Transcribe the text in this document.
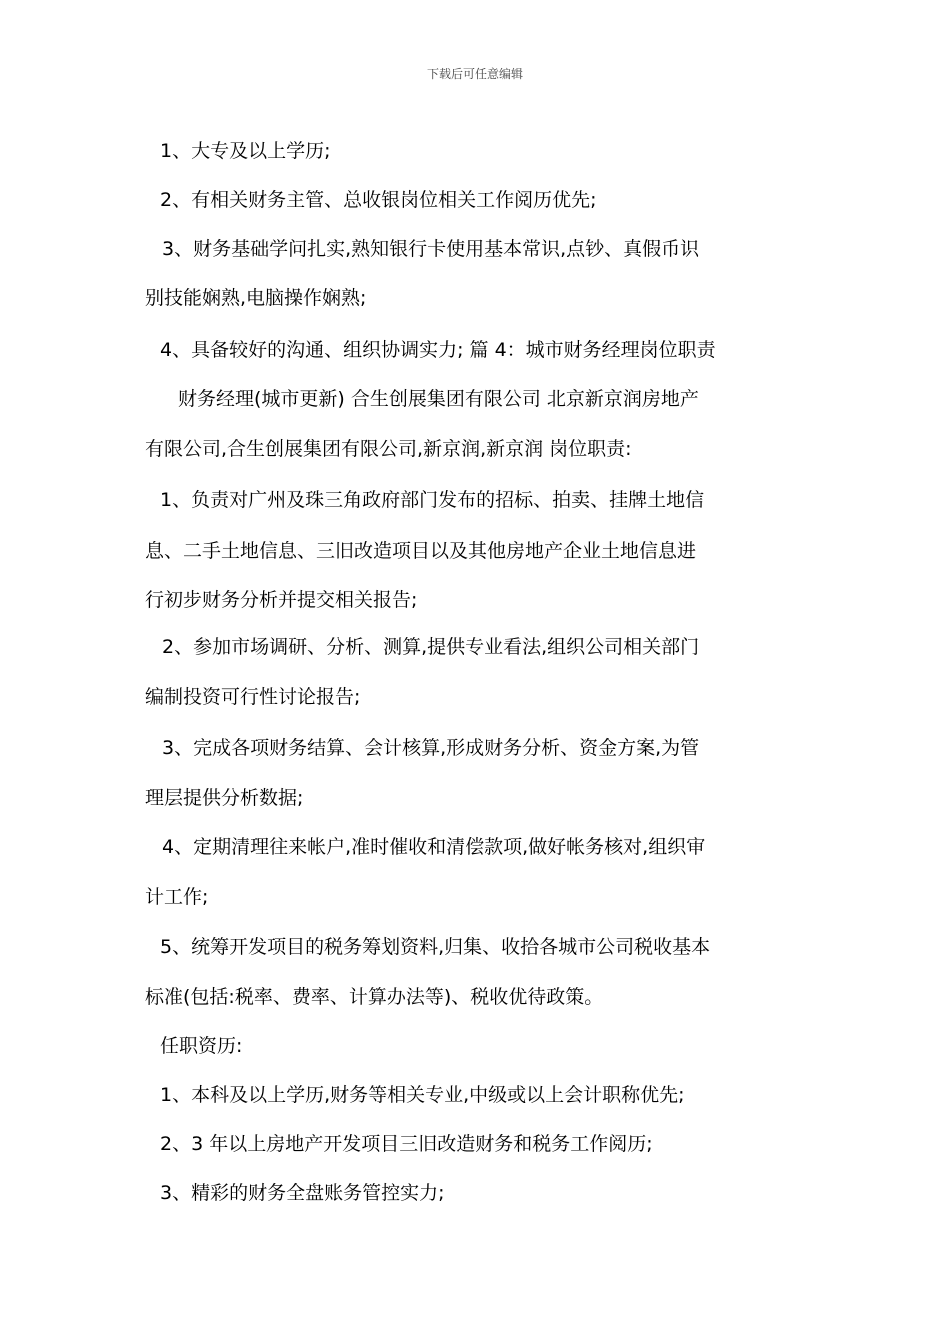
下载后可任意编辑
1、大专及以上学历;
2、有相关财务主管、总收银岗位相关工作阅历优先;
3、财务基础学问扎实,熟知银行卡使用基本常识,点钞、真假币识
别技能娴熟,电脑操作娴熟;
4、具备较好的沟通、组织协调实力; 篇 4：城市财务经理岗位职责
财务经理(城市更新) 合生创展集团有限公司 北京新京润房地产
有限公司,合生创展集团有限公司,新京润,新京润 岗位职责:
1、负责对广州及珠三角政府部门发布的招标、拍卖、挂牌土地信
息、二手土地信息、三旧改造项目以及其他房地产企业土地信息进
行初步财务分析并提交相关报告;
2、参加市场调研、分析、测算,提供专业看法,组织公司相关部门
编制投资可行性讨论报告;
3、完成各项财务结算、会计核算,形成财务分析、资金方案,为管
理层提供分析数据;
4、定期清理往来帐户,准时催收和清偿款项,做好帐务核对,组织审
计工作;
5、统筹开发项目的税务筹划资料,归集、收拾各城市公司税收基本
标准(包括:税率、费率、计算办法等)、税收优待政策。
任职资历:
1、本科及以上学历,财务等相关专业,中级或以上会计职称优先;
2、3 年以上房地产开发项目三旧改造财务和税务工作阅历;
3、精彩的财务全盘账务管控实力;
